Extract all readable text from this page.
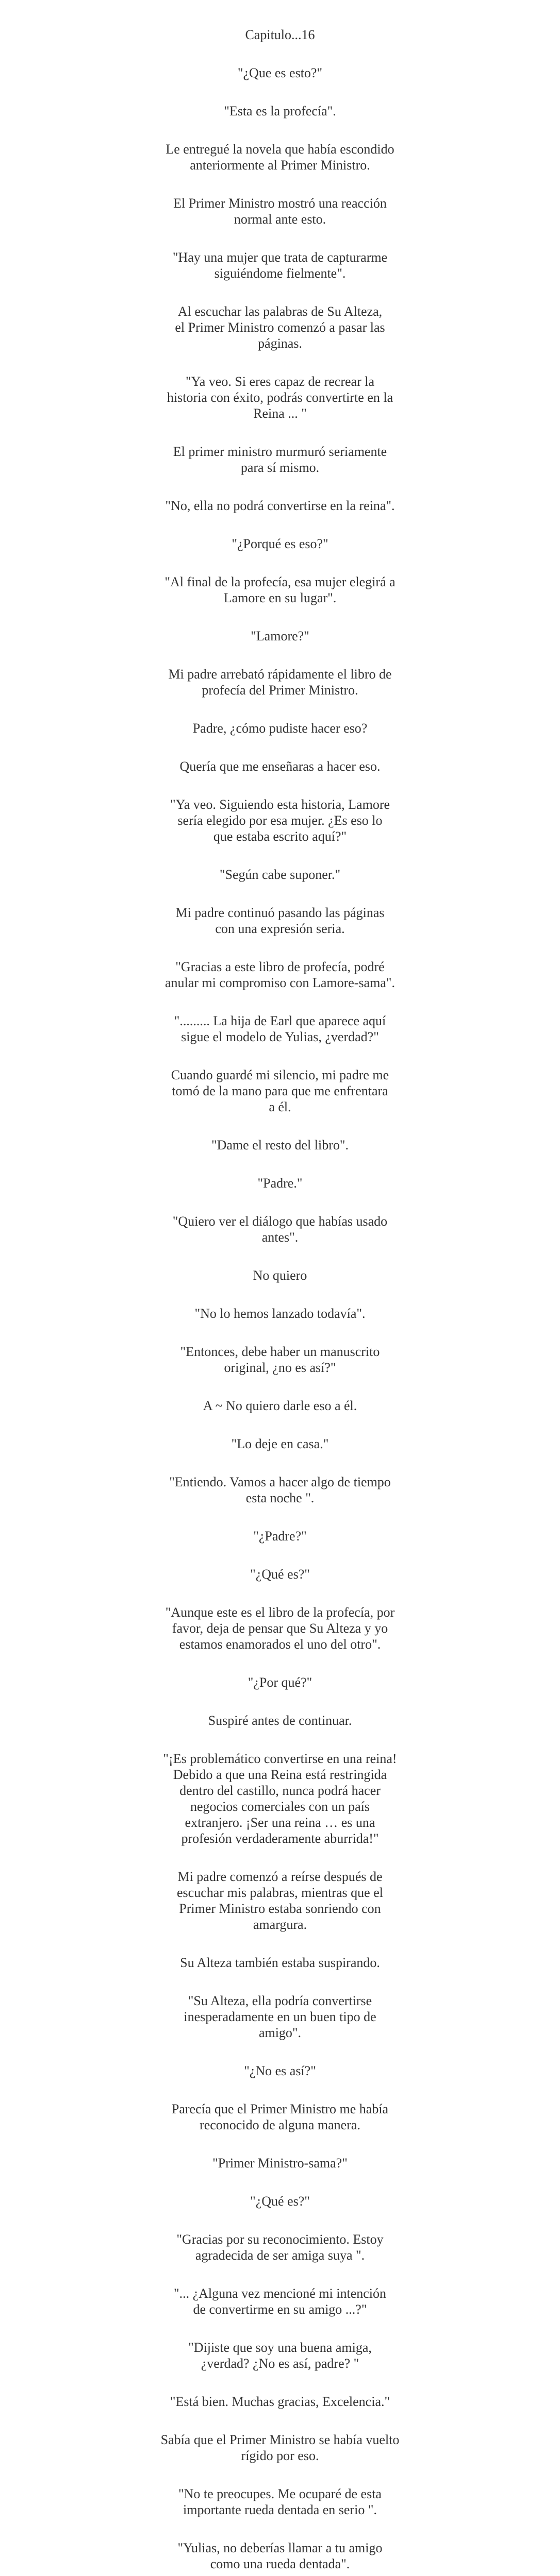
Capitulo...16

"¿Que es esto?"

"Esta es la profecía".

Le entregué la novela que había escondido
anteriormente al Primer Ministro.

El Primer Ministro mostró una reacción
normal ante esto.

"Hay una mujer que trata de capturarme
siguiéndome fielmente".

Al escuchar las palabras de Su Alteza,
el Primer Ministro comenzó a pasar las
páginas.

"Ya veo. Si eres capaz de recrear la
historia con éxito, podrás convertirte en la
Reina ... "

El primer ministro murmuró seriamente
para sí mismo.

"No, ella no podrá convertirse en la reina".

"¿Porqué es eso?"

"Al final de la profecía, esa mujer elegirá a
Lamore en su lugar".

"Lamore?"

Mi padre arrebató rápidamente el libro de
profecía del Primer Ministro.

Padre, ¿cómo pudiste hacer eso?

Quería que me enseñaras a hacer eso.

"Ya veo. Siguiendo esta historia, Lamore
sería elegido por esa mujer. ¿Es eso lo
que estaba escrito aquí?"

"Según cabe suponer."

Mi padre continuó pasando las páginas
con una expresión seria.

"Gracias a este libro de profecía, podré
anular mi compromiso con Lamore-sama".

"......... La hija de Earl que aparece aquí
sigue el modelo de Yulias, ¿verdad?"

Cuando guardé mi silencio, mi padre me
tomó de la mano para que me enfrentara
a él.

"Dame el resto del libro".

"Padre."

"Quiero ver el diálogo que habías usado
antes".

No quiero

"No lo hemos lanzado todavía".

"Entonces, debe haber un manuscrito
original, ¿no es así?"

A ~ No quiero darle eso a él.

"Lo deje en casa."

"Entiendo. Vamos a hacer algo de tiempo
esta noche ".

"¿Padre?"

"¿Qué es?"

"Aunque este es el libro de la profecía, por
favor, deja de pensar que Su Alteza y yo
estamos enamorados el uno del otro".

"¿Por qué?"

Suspiré antes de continuar.

"¡Es problemático convertirse en una reina!
Debido a que una Reina está restringida
dentro del castillo, nunca podrá hacer
negocios comerciales con un país
extranjero. ¡Ser una reina … es una
profesión verdaderamente aburrida!"

Mi padre comenzó a reírse después de
escuchar mis palabras, mientras que el
Primer Ministro estaba sonriendo con
amargura.

Su Alteza también estaba suspirando.

"Su Alteza, ella podría convertirse
inesperadamente en un buen tipo de
amigo".

"¿No es así?"

Parecía que el Primer Ministro me había
reconocido de alguna manera.

"Primer Ministro-sama?"

"¿Qué es?"

"Gracias por su reconocimiento. Estoy
agradecida de ser amiga suya ".

"... ¿Alguna vez mencioné mi intención
de convertirme en su amigo ...?"

"Dijiste que soy una buena amiga,
¿verdad? ¿No es así, padre? "

"Está bien. Muchas gracias, Excelencia."

Sabía que el Primer Ministro se había vuelto
rígido por eso.

"No te preocupes. Me ocuparé de esta
importante rueda dentada en serio ".

"Yulias, no deberías llamar a tu amigo
como una rueda dentada".
